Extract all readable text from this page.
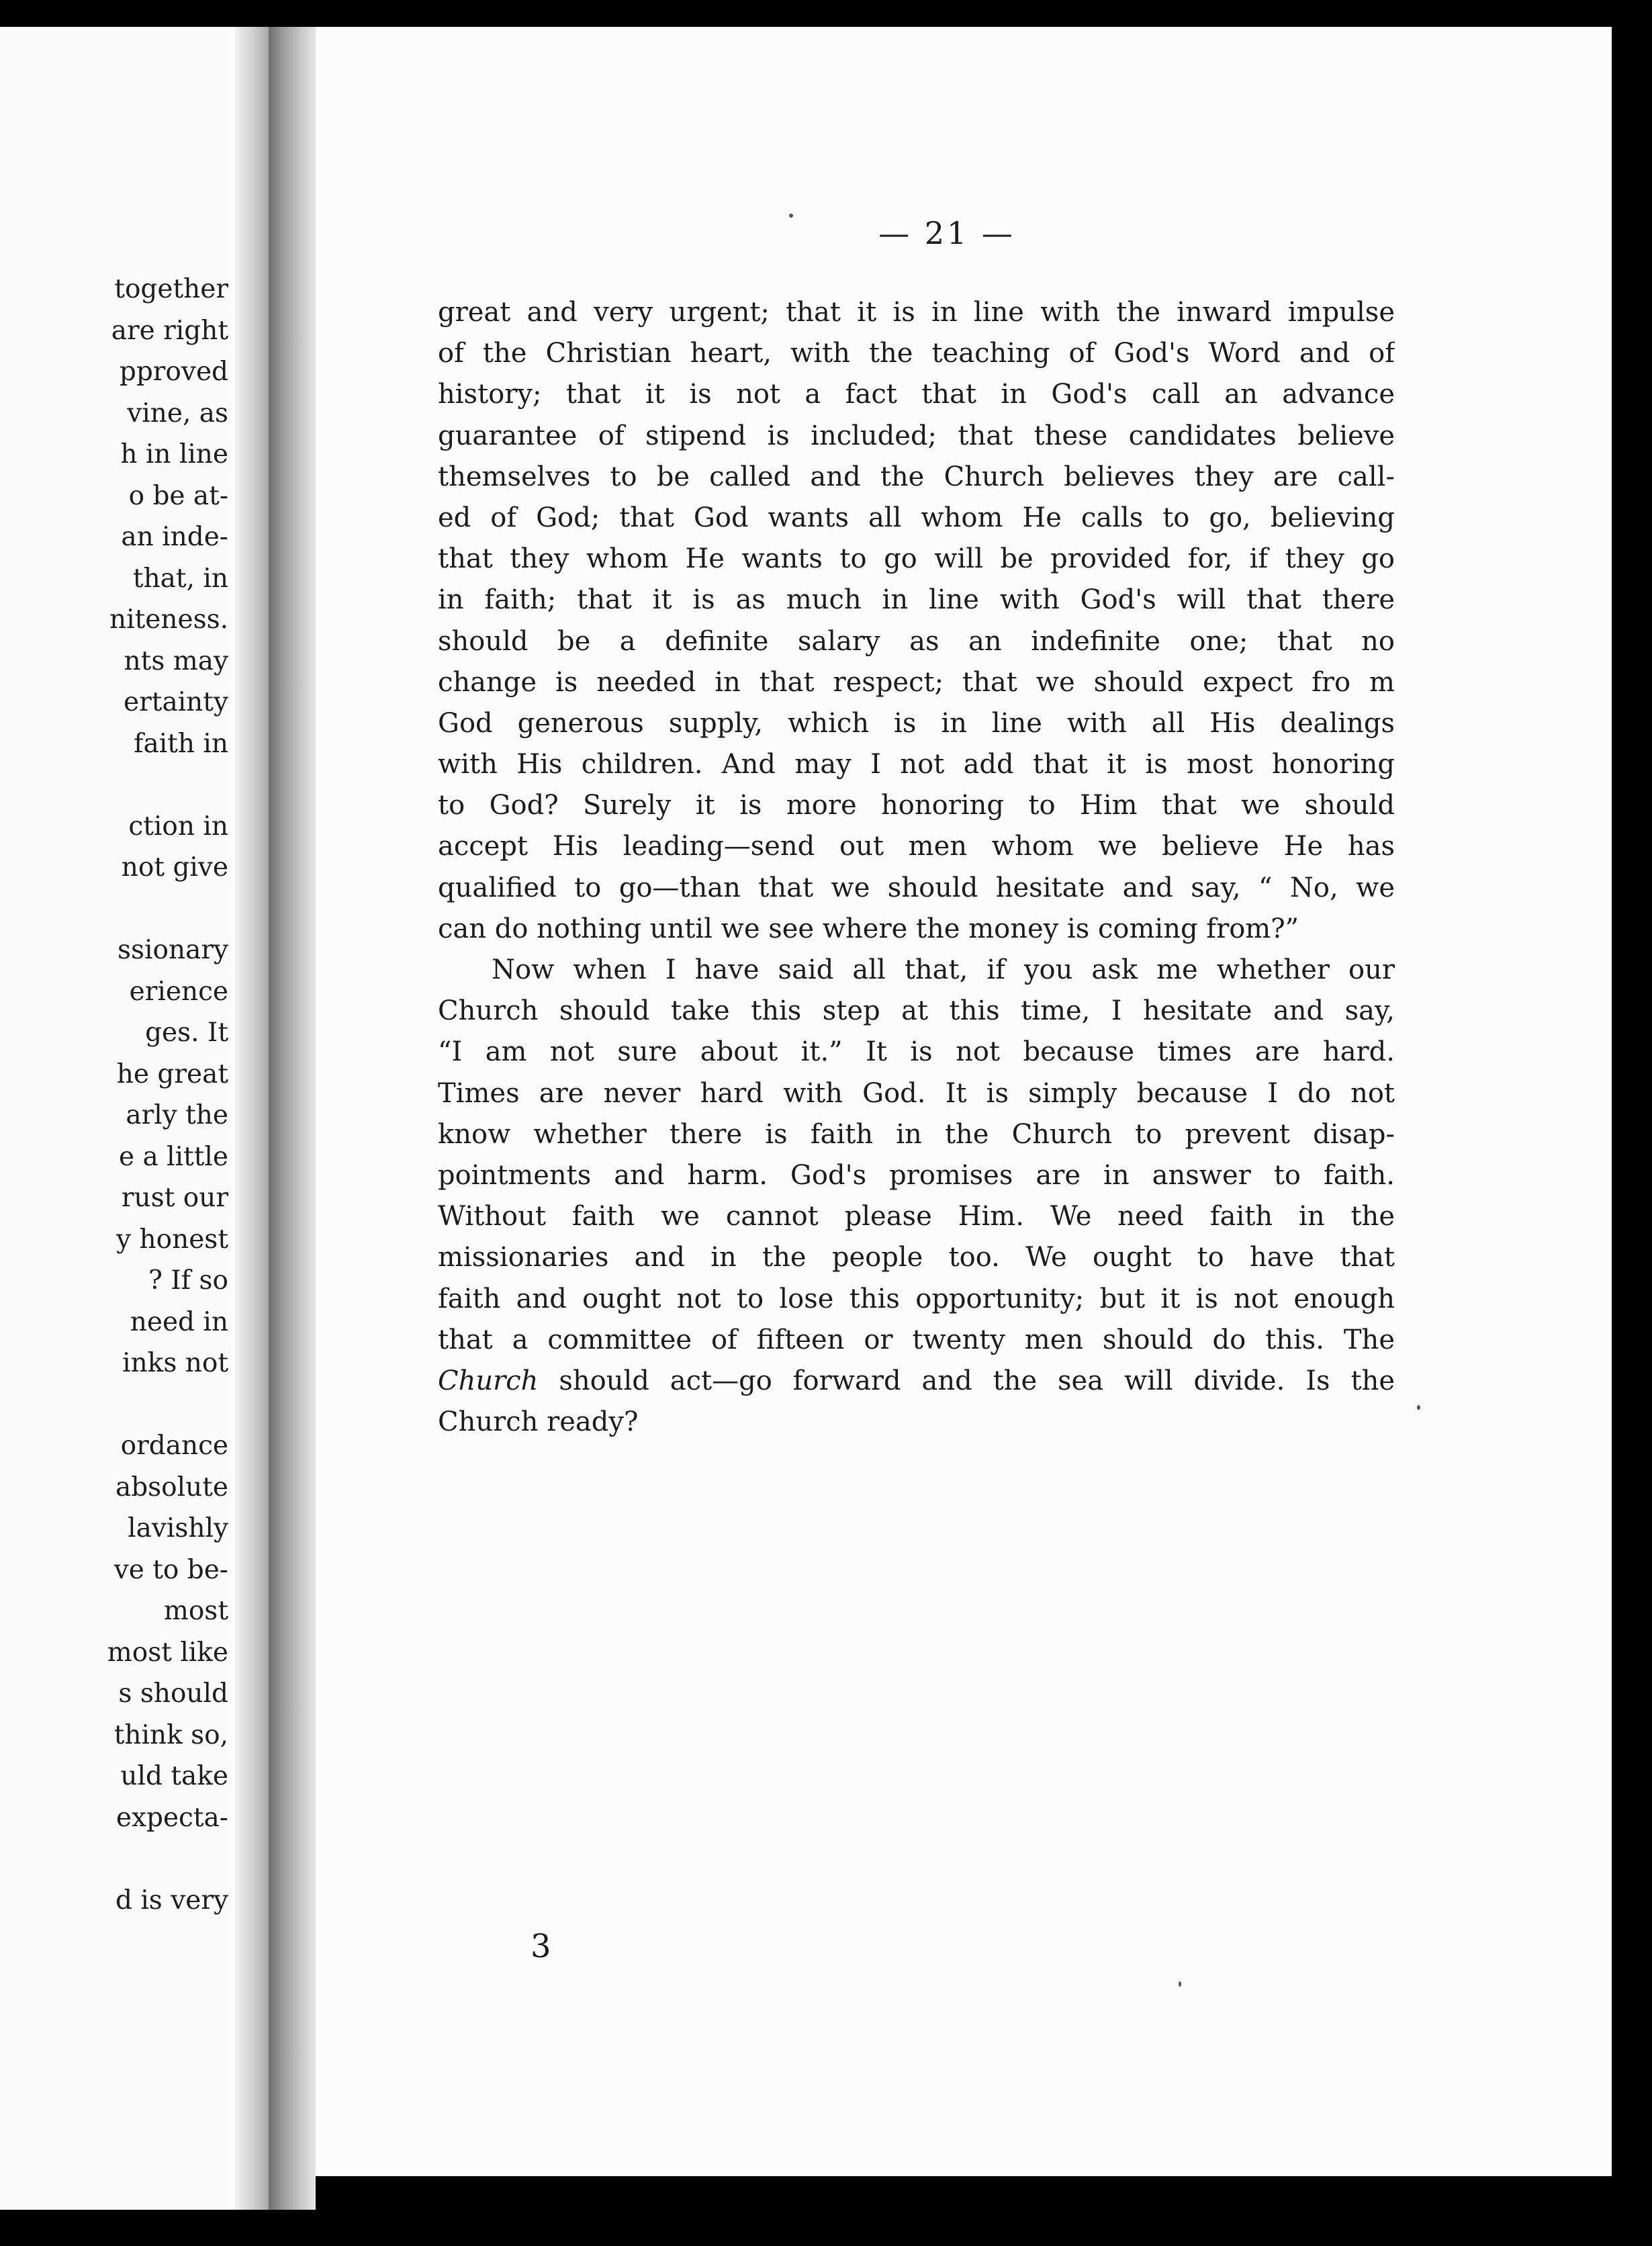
together
are right
pproved
vine, as
h in line
o be at-
an inde-
that, in
niteness.
nts may
ertainty
faith in
ction in
not give
ssionary
erience
ges. It
he great
arly the
e a little
rust our
y honest
? If so
need in
inks not
ordance
absolute
lavishly
ve to be-
most
most like
s should
think so,
uld take
expecta-
d is very
— 21 —
great and very urgent; that it is in line with the inward impulse
of the Christian heart, with the teaching of God's Word and of
history; that it is not a fact that in God's call an advance
guarantee of stipend is included; that these candidates believe
themselves to be called and the Church believes they are call-
ed of God; that God wants all whom He calls to go, believing
that they whom He wants to go will be provided for, if they go
in faith; that it is as much in line with God's will that there
should be a definite salary as an indefinite one; that no
change is needed in that respect; that we should expect fro m
God generous supply, which is in line with all His dealings
with His children. And may I not add that it is most honoring
to God? Surely it is more honoring to Him that we should
accept His leading—send out men whom we believe He has
qualified to go—than that we should hesitate and say, “ No, we
can do nothing until we see where the money is coming from?”
Now when I have said all that, if you ask me whether our
Church should take this step at this time, I hesitate and say,
“I am not sure about it.” It is not because times are hard.
Times are never hard with God. It is simply because I do not
know whether there is faith in the Church to prevent disap-
pointments and harm. God's promises are in answer to faith.
Without faith we cannot please Him. We need faith in the
missionaries and in the people too. We ought to have that
faith and ought not to lose this opportunity; but it is not enough
that a committee of fifteen or twenty men should do this. The
Church should act—go forward and the sea will divide. Is the
Church ready?
3
